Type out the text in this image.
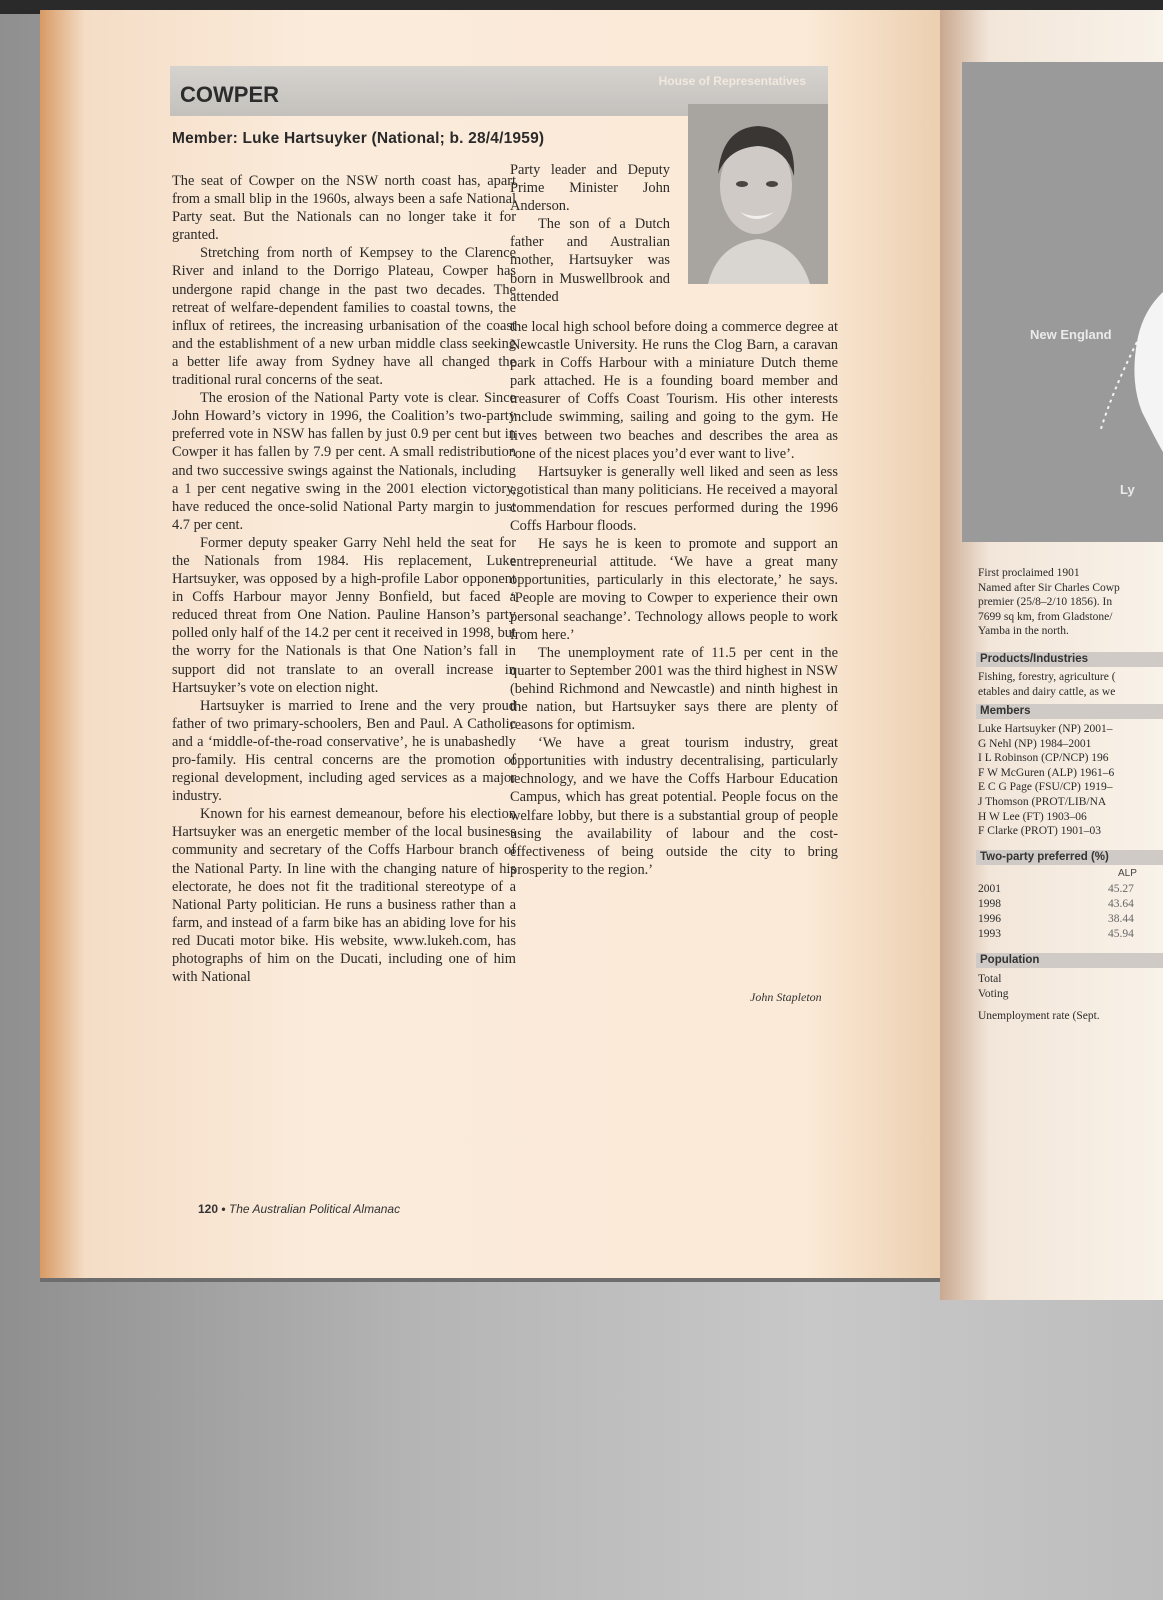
COWPER
House of Representatives
Member: Luke Hartsuyker (National; b. 28/4/1959)

The seat of Cowper on the NSW north coast has, apart from a small blip in the 1960s, always been a safe National Party seat. But the Nationals can no longer take it for granted.

Stretching from north of Kempsey to the Clarence River and inland to the Dorrigo Plateau, Cowper has undergone rapid change in the past two decades. The retreat of welfare-dependent families to coastal towns, the influx of retirees, the increasing urbanisation of the coast and the establishment of a new urban middle class seeking a better life away from Sydney have all changed the traditional rural concerns of the seat.

The erosion of the National Party vote is clear. Since John Howard’s victory in 1996, the Coalition’s two-party preferred vote in NSW has fallen by just 0.9 per cent but in Cowper it has fallen by 7.9 per cent. A small redistribution and two successive swings against the Nationals, including a 1 per cent negative swing in the 2001 election victory, have reduced the once-solid National Party margin to just 4.7 per cent.

Former deputy speaker Garry Nehl held the seat for the Nationals from 1984. His replacement, Luke Hartsuyker, was opposed by a high-profile Labor opponent in Coffs Harbour mayor Jenny Bonfield, but faced a reduced threat from One Nation. Pauline Hanson’s party polled only half of the 14.2 per cent it received in 1998, but the worry for the Nationals is that One Nation’s fall in support did not translate to an overall increase in Hartsuyker’s vote on election night.

Hartsuyker is married to Irene and the very proud father of two primary-schoolers, Ben and Paul. A Catholic and a ‘middle-of-the-road conservative’, he is unabashedly pro-family. His central concerns are the promotion of regional development, including aged services as a major industry.

Known for his earnest demeanour, before his election Hartsuyker was an energetic member of the local business community and secretary of the Coffs Harbour branch of the National Party. In line with the changing nature of his electorate, he does not fit the traditional stereotype of a National Party politician. He runs a business rather than a farm, and instead of a farm bike has an abiding love for his red Ducati motor bike. His website, www.lukeh.com, has photographs of him on the Ducati, including one of him with National

Party leader and Deputy Prime Minister John Anderson.

The son of a Dutch father and Australian mother, Hartsuyker was born in Muswellbrook and attended

the local high school before doing a commerce degree at Newcastle University. He runs the Clog Barn, a caravan park in Coffs Harbour with a miniature Dutch theme park attached. He is a founding board member and treasurer of Coffs Coast Tourism. His other interests include swimming, sailing and going to the gym. He lives between two beaches and describes the area as ‘one of the nicest places you’d ever want to live’.

Hartsuyker is generally well liked and seen as less egotistical than many politicians. He received a mayoral commendation for rescues performed during the 1996 Coffs Harbour floods.

He says he is keen to promote and support an entrepreneurial attitude. ‘We have a great many opportunities, particularly in this electorate,’ he says. ‘People are moving to Cowper to experience their own personal seachange’. Technology allows people to work from here.’

The unemployment rate of 11.5 per cent in the quarter to September 2001 was the third highest in NSW (behind Richmond and Newcastle) and ninth highest in the nation, but Hartsuyker says there are plenty of reasons for optimism.

‘We have a great tourism industry, great opportunities with industry decentralising, particularly technology, and we have the Coffs Harbour Education Campus, which has great potential. People focus on the welfare lobby, but there is a substantial group of people using the availability of labour and the cost-effectiveness of being outside the city to bring prosperity to the region.’

John Stapleton
120 • The Australian Political Almanac
New England
Ly
First proclaimed 1901
Named after Sir Charles Cowp
premier (25/8–2/10 1856). In
7699 sq km, from Gladstone/
Yamba in the north.
Products/Industries
Fishing, forestry, agriculture (
etables and dairy cattle, as we
Members
Luke Hartsuyker (NP) 2001–
G Nehl (NP) 1984–2001
I L Robinson (CP/NCP) 196
F W McGuren (ALP) 1961–6
E C G Page (FSU/CP) 1919–
J Thomson (PROT/LIB/NA
H W Lee (FT) 1903–06
F Clarke (PROT) 1901–03
Two-party preferred (%)
ALP
2001	45.27
1998	43.64
1996	38.44
1993	45.94
Population
Total
Voting
Unemployment rate (Sept.
